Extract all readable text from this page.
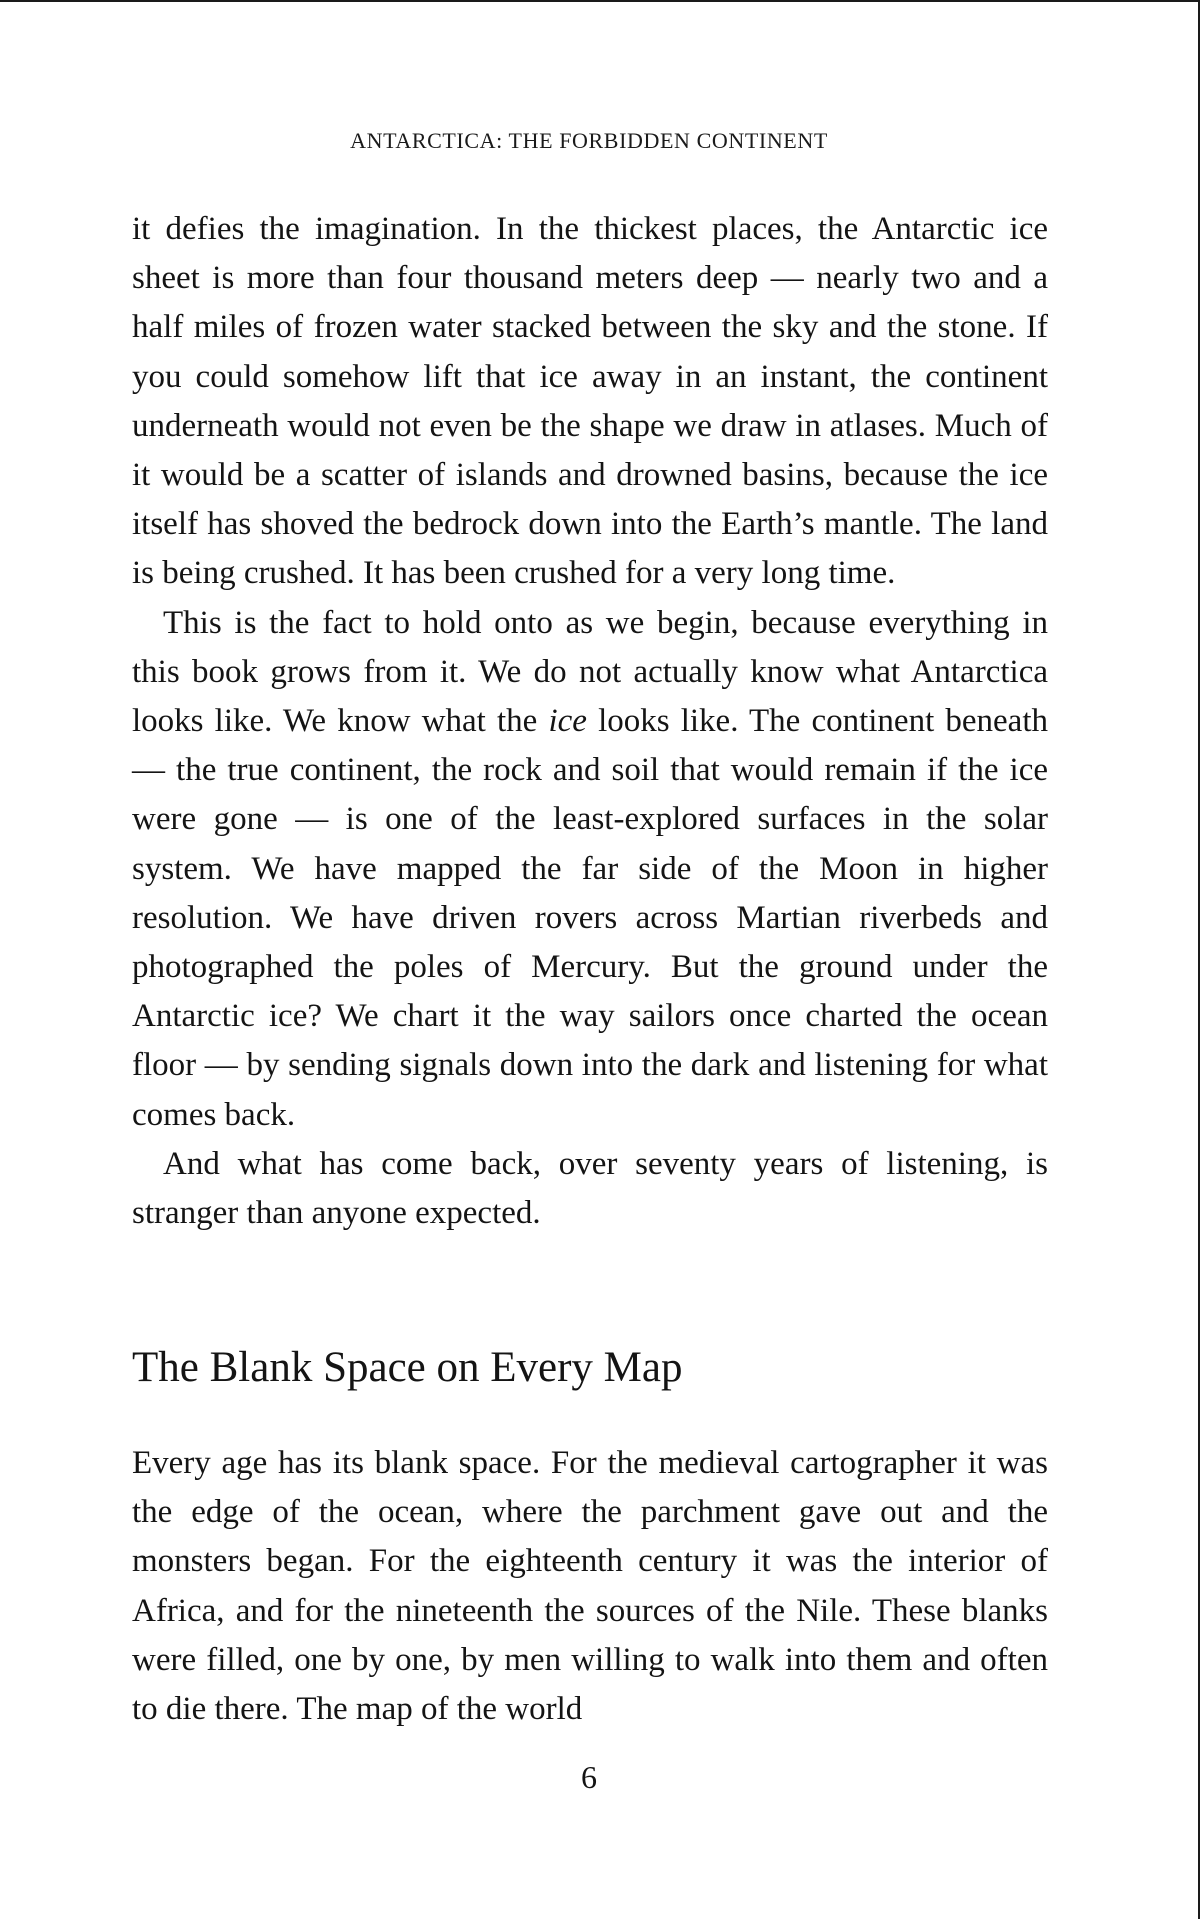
ANTARCTICA: THE FORBIDDEN CONTINENT

it defies the imagination. In the thickest places, the Antarctic ice sheet is more than four thousand meters deep — nearly two and a half miles of frozen water stacked between the sky and the stone. If you could somehow lift that ice away in an instant, the continent underneath would not even be the shape we draw in atlases. Much of it would be a scatter of islands and drowned basins, because the ice itself has shoved the bedrock down into the Earth’s mantle. The land is being crushed. It has been crushed for a very long time.

This is the fact to hold onto as we begin, because everything in this book grows from it. We do not actually know what Antarctica looks like. We know what the ice looks like. The continent beneath — the true continent, the rock and soil that would remain if the ice were gone — is one of the least-explored surfaces in the solar system. We have mapped the far side of the Moon in higher resolution. We have driven rovers across Martian riverbeds and photographed the poles of Mercury. But the ground under the Antarctic ice? We chart it the way sailors once charted the ocean floor — by sending signals down into the dark and listening for what comes back.

And what has come back, over seventy years of listening, is stranger than anyone expected.

The Blank Space on Every Map

Every age has its blank space. For the medieval cartographer it was the edge of the ocean, where the parchment gave out and the monsters began. For the eighteenth century it was the interior of Africa, and for the nineteenth the sources of the Nile. These blanks were filled, one by one, by men willing to walk into them and often to die there. The map of the world

6
